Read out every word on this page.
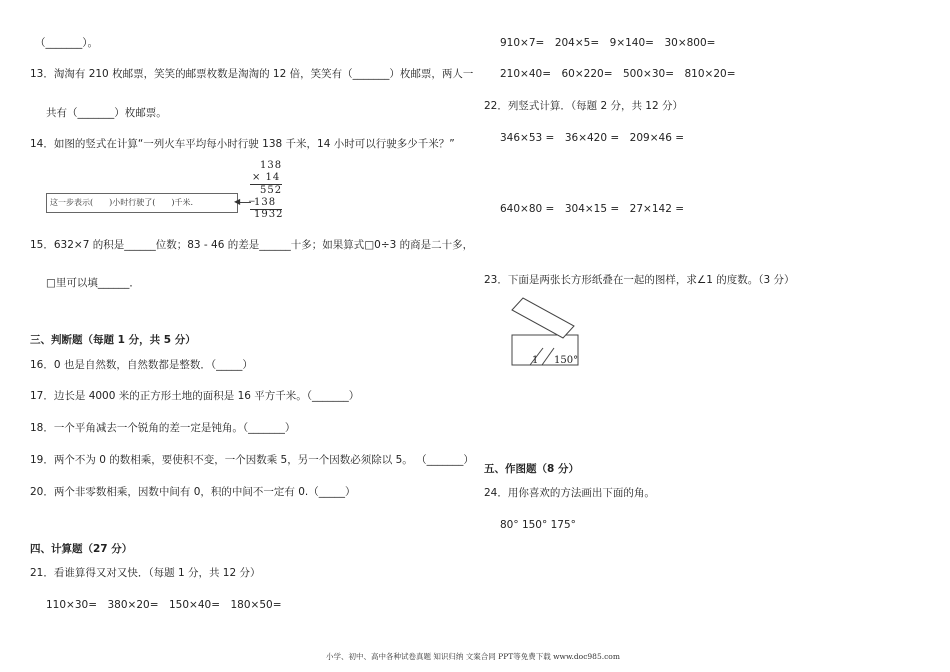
（_______）。
13．淘淘有 210 枚邮票，笑笑的邮票枚数是淘淘的 12 倍，笑笑有（_______）枚邮票，两人一
共有（_______）枚邮票。
14．如图的竖式在计算“一列火车平均每小时行驶 138 千米，14 小时可以行驶多少千米？”
这一步表示(　　)小时行驶了(　　)千米.	◀
138
× 14
552
−
138
1932
15．632×7 的积是______位数；83 - 46 的差是______十多；如果算式□0÷3 的商是二十多，
□里可以填______．
三、判断题（每题 1 分，共 5 分）
16．0 也是自然数，自然数都是整数．（_____）
17．边长是 4000 米的正方形土地的面积是 16 平方千米。（_______）
18．一个平角减去一个锐角的差一定是钝角。（_______）
19．两个不为 0 的数相乘，要使积不变，一个因数乘 5，另一个因数必须除以 5。 （_______）
20．两个非零数相乘，因数中间有 0，积的中间不一定有 0.（_____）
四、计算题（27 分）
21．看谁算得又对又快．（每题 1 分，共 12 分）
110×30=　380×20=　150×40=　180×50=
910×7=　204×5=　9×140=　30×800=
210×40=　60×220=　500×30=　810×20=
22．列竖式计算．（每题 2 分，共 12 分）
346×53 =　36×420 =　209×46 =
640×80 =　304×15 =　27×142 =
23．下面是两张长方形纸叠在一起的图样，求∠1 的度数。（3 分）
1 150°
五、作图题（8 分）
24．用你喜欢的方法画出下面的角。
80° 150° 175°
小学、初中、高中各种试卷真题 知识归纳 文案合同 PPT等免费下载 www.doc985.com
